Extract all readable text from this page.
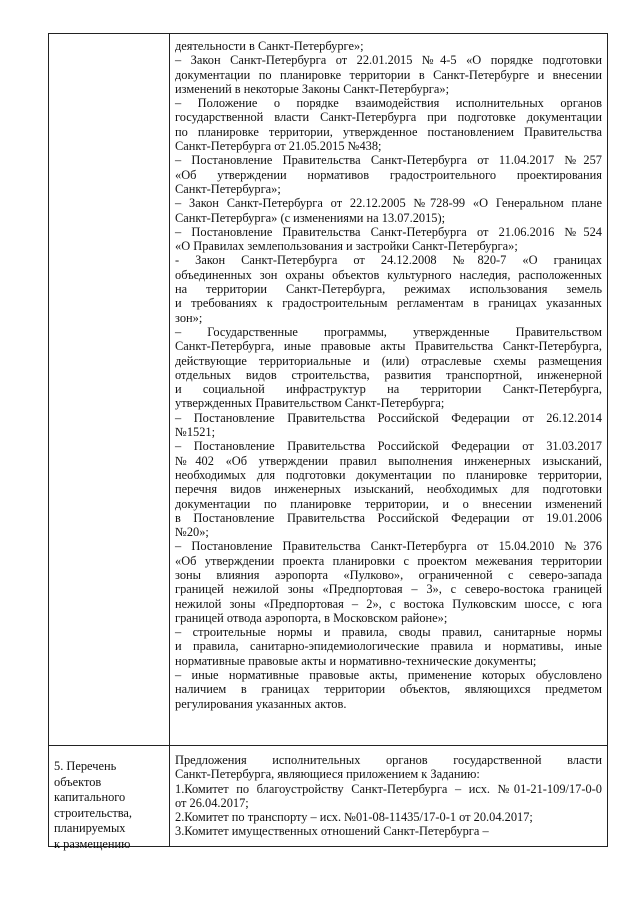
деятельности в Санкт-Петербурге»;
– Закон Санкт-Петербурга от 22.01.2015 №4-5 «О порядке подготовки
документации по планировке территории в Санкт-Петербурге и внесении
изменений в некоторые Законы Санкт-Петербурга»;
– Положение о порядке взаимодействия исполнительных органов
государственной власти Санкт-Петербурга при подготовке документации
по планировке территории, утвержденное постановлением Правительства
Санкт-Петербурга от 21.05.2015 №438;
– Постановление Правительства Санкт-Петербурга от 11.04.2017 №257
«Об утверждении нормативов градостроительного проектирования
Санкт-Петербурга»;
– Закон Санкт-Петербурга от 22.12.2005 №728-99 «О Генеральном плане
Санкт-Петербурга» (с изменениями на 13.07.2015);
– Постановление Правительства Санкт-Петербурга от 21.06.2016 №524
«О Правилах землепользования и застройки Санкт-Петербурга»;
- Закон Санкт-Петербурга от 24.12.2008 №820-7 «О границах
объединенных зон охраны объектов культурного наследия, расположенных
на территории Санкт-Петербурга, режимах использования земель
и требованиях к градостроительным регламентам в границах указанных
зон»;
– Государственные программы, утвержденные Правительством
Санкт-Петербурга, иные правовые акты Правительства Санкт-Петербурга,
действующие территориальные и (или) отраслевые схемы размещения
отдельных видов строительства, развития транспортной, инженерной
и социальной инфраструктур на территории Санкт-Петербурга,
утвержденных Правительством Санкт-Петербурга;
– Постановление Правительства Российской Федерации от 26.12.2014
№1521;
– Постановление Правительства Российской Федерации от 31.03.2017
№402 «Об утверждении правил выполнения инженерных изысканий,
необходимых для подготовки документации по планировке территории,
перечня видов инженерных изысканий, необходимых для подготовки
документации по планировке территории, и о внесении изменений
в Постановление Правительства Российской Федерации от 19.01.2006
№20»;
– Постановление Правительства Санкт-Петербурга от 15.04.2010 №376
«Об утверждении проекта планировки с проектом межевания территории
зоны влияния аэропорта «Пулково», ограниченной с северо-запада
границей нежилой зоны «Предпортовая – 3», с северо-востока границей
нежилой зоны «Предпортовая – 2», с востока Пулковским шоссе, с юга
границей отвода аэропорта, в Московском районе»;
– строительные нормы и правила, своды правил, санитарные нормы
и правила, санитарно-эпидемиологические правила и нормативы, иные
нормативные правовые акты и нормативно-технические документы;
– иные нормативные правовые акты, применение которых обусловлено
наличием в границах территории объектов, являющихся предметом
регулирования указанных актов.
5. Перечень
объектов
капитального
строительства,
планируемых
к размещению
Предложения исполнительных органов государственной власти
Санкт-Петербурга, являющиеся приложением к Заданию:
1.Комитет по благоустройству Санкт-Петербурга – исх. №01-21-109/17-0-0
от 26.04.2017;
2.Комитет по транспорту – исх. №01-08-11435/17-0-1 от 20.04.2017;
3.Комитет имущественных отношений Санкт-Петербурга –
